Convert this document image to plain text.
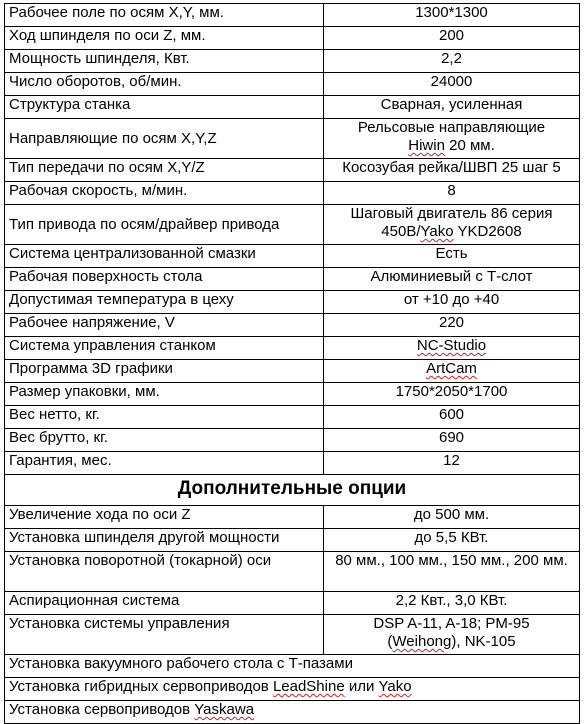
Рабочее поле по осям X,Y, мм.	1300*1300
Ход шпинделя по оси Z, мм.	200
Мощность шпинделя, Квт.	2,2
Число оборотов, об/мин.	24000
Структура станка	Сварная, усиленная
Направляющие по осям X,Y,Z	Рельсовые направляющие
Hiwin 20 мм.
Тип передачи по осям X,Y/Z	Косозубая рейка/ШВП 25 шаг 5
Рабочая скорость, м/мин.	8
Тип привода по осям/драйвер привода	Шаговый двигатель 86 серия
450B/Yako YKD2608
Система централизованной смазки	Есть
Рабочая поверхность стола	Алюминиевый с Т-слот
Допустимая температура в цеху	от +10 до +40
Рабочее напряжение, V	220
Система управления станком	NC-Studio
Программа 3D графики	ArtCam
Размер упаковки, мм.	1750*2050*1700
Вес нетто, кг.	600
Вес брутто, кг.	690
Гарантия, мес.	12
Дополнительные опции	
Увеличение хода по оси Z	до 500 мм.
Установка шпинделя другой мощности	до 5,5 КВт.
Установка поворотной (токарной) оси	80 мм., 100 мм., 150 мм., 200 мм.
Аспирационная система	2,2 Квт., 3,0 КВт.
Установка системы управления	DSP A-11, A-18; PM-95
(Weihong), NK-105
Установка вакуумного рабочего стола с Т-пазами	
Установка гибридных сервоприводов LeadShine или Yako	
Установка сервоприводов Yaskawa	
